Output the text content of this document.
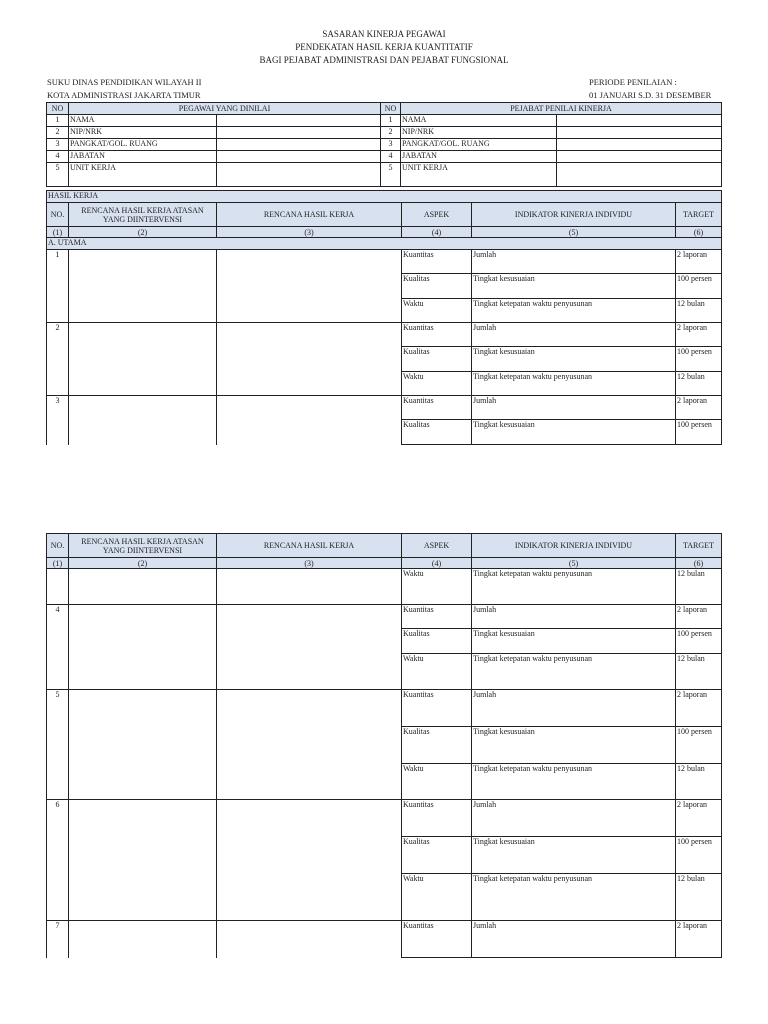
SASARAN KINERJA PEGAWAI
PENDEKATAN HASIL KERJA KUANTITATIF
BAGI PEJABAT ADMINISTRASI DAN PEJABAT FUNGSIONAL
SUKU DINAS PENDIDIKAN WILAYAH II
KOTA ADMINISTRASI JAKARTA TIMUR
PERIODE PENILAIAN :
01 JANUARI S.D. 31 DESEMBER
NO	PEGAWAI YANG DINILAI		NO	PEJABAT PENILAI KINERJA	
1	NAMA		1	NAMA	
2	NIP/NRK		2	NIP/NRK	
3	PANGKAT/GOL. RUANG		3	PANGKAT/GOL. RUANG	
4	JABATAN		4	JABATAN	
5	UNIT KERJA		5	UNIT KERJA	
HASIL KERJA					
NO.	RENCANA HASIL KERJA ATASAN
YANG DIINTERVENSI	RENCANA HASIL KERJA	ASPEK	INDIKATOR KINERJA INDIVIDU	TARGET
(1)	(2)	(3)	(4)	(5)	(6)
A. UTAMA					
1			Kuantitas	Jumlah	2 laporan
			Kualitas	Tingkat kesusuaian	100 persen
			Waktu	Tingkat ketepatan waktu penyusunan	12 bulan
2			Kuantitas	Jumlah	2 laporan
			Kualitas	Tingkat kesusuaian	100 persen
			Waktu	Tingkat ketepatan waktu penyusunan	12 bulan
3			Kuantitas	Jumlah	2 laporan
			Kualitas	Tingkat kesusuaian	100 persen
NO.	RENCANA HASIL KERJA ATASAN
YANG DIINTERVENSI	RENCANA HASIL KERJA	ASPEK	INDIKATOR KINERJA INDIVIDU	TARGET
(1)	(2)	(3)	(4)	(5)	(6)
			Waktu	Tingkat ketepatan waktu penyusunan	12 bulan
4			Kuantitas	Jumlah	2 laporan
			Kualitas	Tingkat kesusuaian	100 persen
			Waktu	Tingkat ketepatan waktu penyusunan	12 bulan
5			Kuantitas	Jumlah	2 laporan
			Kualitas	Tingkat kesusuaian	100 persen
			Waktu	Tingkat ketepatan waktu penyusunan	12 bulan
6			Kuantitas	Jumlah	2 laporan
			Kualitas	Tingkat kesusuaian	100 persen
			Waktu	Tingkat ketepatan waktu penyusunan	12 bulan
7			Kuantitas	Jumlah	2 laporan
